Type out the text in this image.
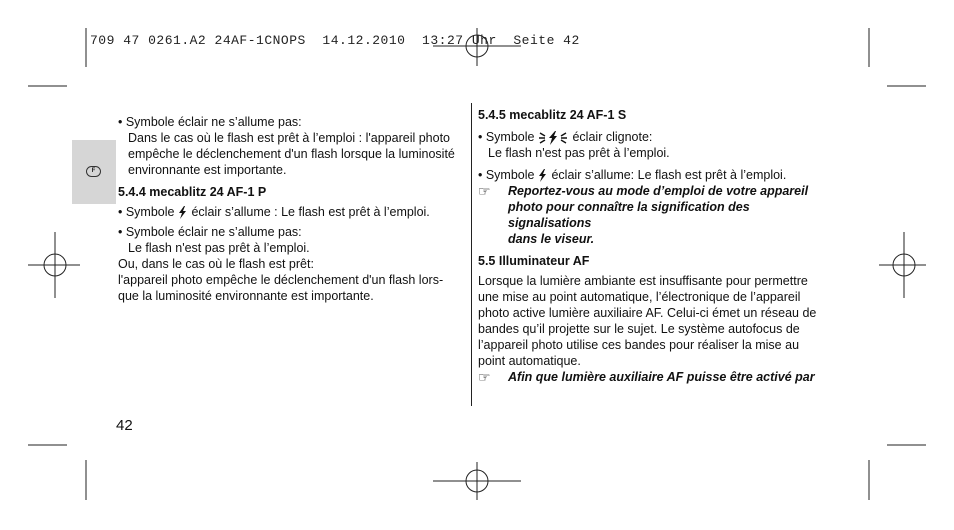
709 47 0261.A2 24AF-1CNOPS  14.12.2010  13:27 Uhr  Seite 42
F

• Symbole éclair ne s’allume pas:

Dans le cas où le flash est prêt à l’emploi : l'appareil photo

empêche le déclenchement d'un flash lorsque la luminosité

environnante est importante.

5.4.4 mecablitz 24 AF-1 P

• Symbole éclair s’allume : Le flash est prêt à l’emploi.

• Symbole éclair ne s’allume pas:

Le flash n'est pas prêt à l’emploi.

Ou, dans le cas où le flash est prêt:

l'appareil photo empêche le déclenchement d'un flash lors-

que la luminosité environnante est importante.

5.4.5 mecablitz 24 AF-1 S

• Symbole	éclair clignote:

Le flash n'est pas prêt à l’emploi.

• Symbole éclair s’allume: Le flash est prêt à l’emploi.

☞	Reportez-vous au mode d’emploi de votre appareil

photo pour connaître la signification des signalisations

dans le viseur.

5.5 Illuminateur AF

Lorsque la lumière ambiante est insuffisante pour permettre

une mise au point automatique, l’électronique de l’appareil

photo active lumière auxiliaire AF. Celui-ci émet un réseau de

bandes qu’il projette sur le sujet. Le système autofocus de

l’appareil photo utilise ces bandes pour réaliser la mise au

point automatique.

☞	Afin que lumière auxiliaire AF puisse être activé par

42
